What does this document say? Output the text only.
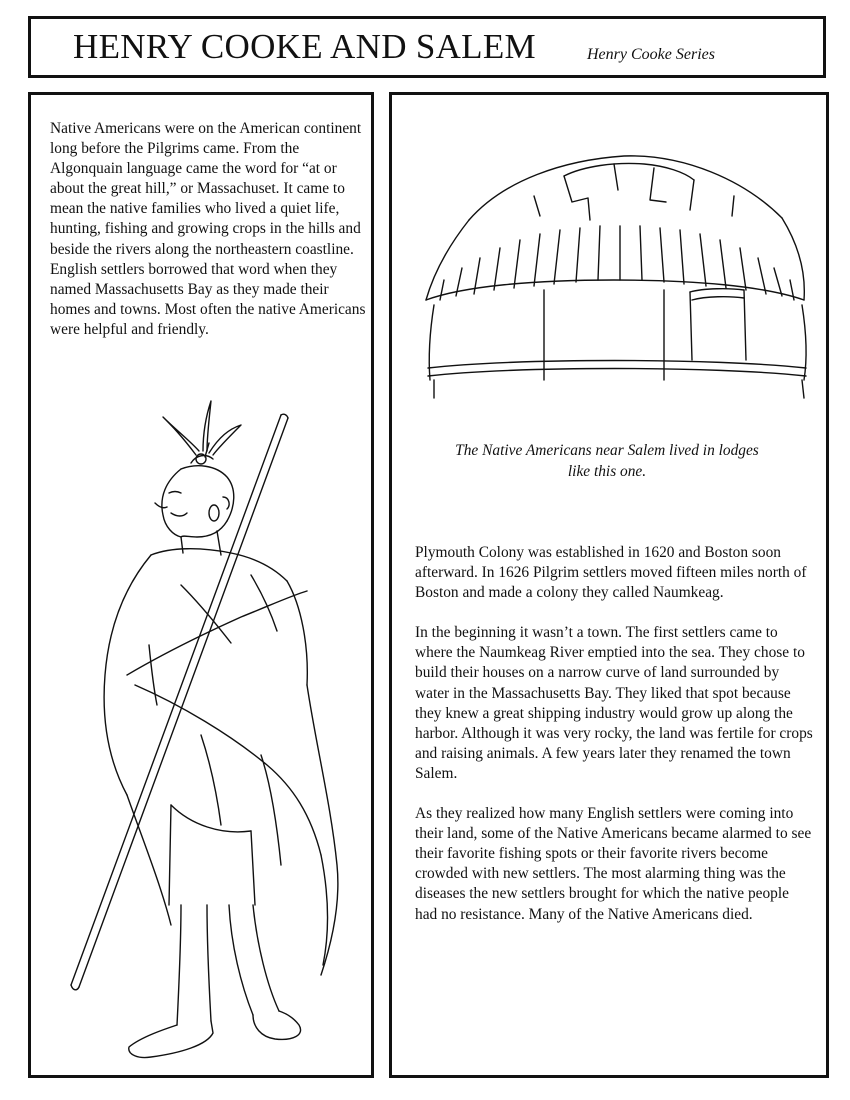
HENRY COOKE AND SALEM	Henry Cooke Series

Native Americans were on the American continent long before the Pilgrims came. From the Algonquain language came the word for “at or about the great hill,” or Massachuset. It came to mean the native families who lived a quiet life, hunting, fishing and growing crops in the hills and beside the rivers along the northeastern coastline. English settlers borrowed that word when they named Massachusetts Bay as they made their homes and towns. Most often the native Americans were helpful and friendly.

The Native Americans near Salem lived in lodges like this one.

Plymouth Colony was established in 1620 and Boston soon afterward. In 1626 Pilgrim settlers moved fifteen miles north of Boston and made a colony they called Naumkeag.

In the beginning it wasn’t a town. The first settlers came to where the Naumkeag River emptied into the sea. They chose to build their houses on a narrow curve of land surrounded by water in the Massachusetts Bay. They liked that spot because they knew a great shipping industry would grow up along the harbor. Although it was very rocky, the land was fertile for crops and raising animals. A few years later they renamed the town Salem.

As they realized how many English settlers were coming into their land, some of the Native Americans became alarmed to see their favorite fishing spots or their favorite rivers become crowded with new settlers. The most alarming thing was the diseases the new settlers brought for which the native people had no resistance. Many of the Native Americans died.
